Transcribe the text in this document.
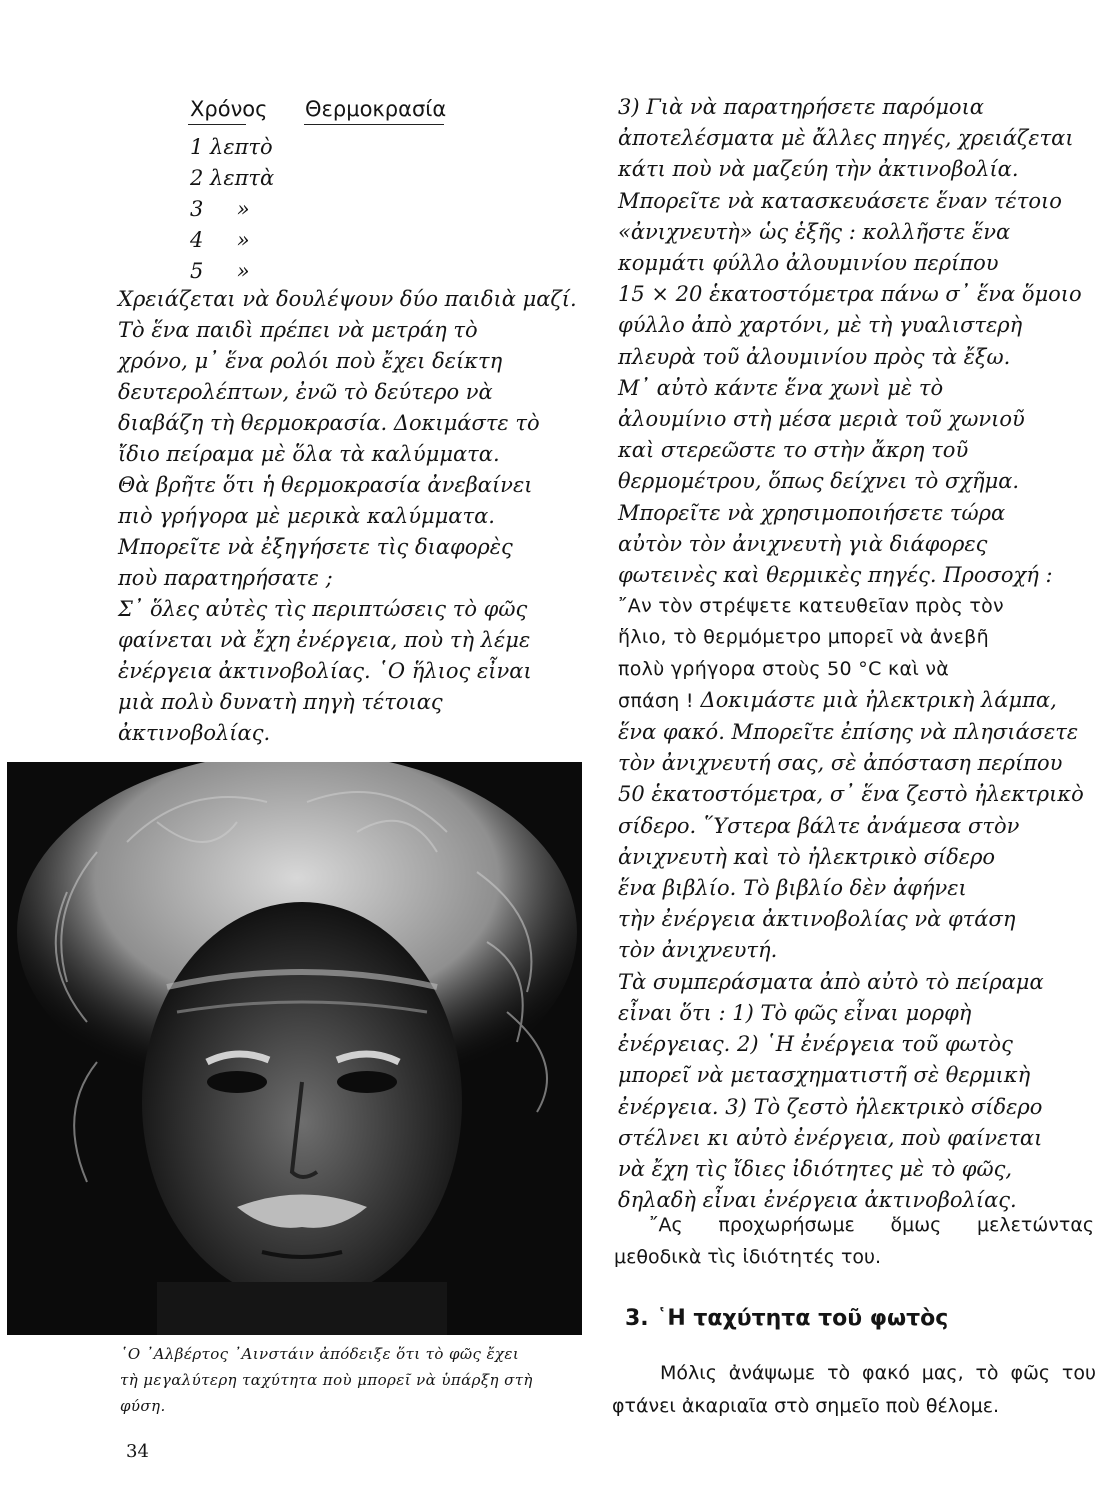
Χρόνος Θερμοκρασία
1 λεπτὸ
2 λεπτὰ
3     »
4     »
5     »

Χρειάζεται νὰ δουλέψουν δύο παιδιὰ μαζί.

Τὸ ἕνα παιδὶ πρέπει νὰ μετράη τὸ

χρόνο, μ᾽ ἕνα ρολόι ποὺ ἔχει δείκτη

δευτερολέπτων, ἐνῶ τὸ δεύτερο νὰ

διαβάζη τὴ θερμοκρασία. Δοκιμάστε τὸ

ἴδιο πείραμα μὲ ὅλα τὰ καλύμματα.

Θὰ βρῆτε ὅτι ἡ θερμοκρασία ἀνεβαίνει

πιὸ γρήγορα μὲ μερικὰ καλύμματα.

Μπορεῖτε νὰ ἐξηγήσετε τὶς διαφορὲς

ποὺ παρατηρήσατε ;

Σ᾽ ὅλες αὐτὲς τὶς περιπτώσεις τὸ φῶς

φαίνεται νὰ ἔχη ἐνέργεια, ποὺ τὴ λέμε

ἐνέργεια ἀκτινοβολίας. ῾Ο ἥλιος εἶναι

μιὰ πολὺ δυνατὴ πηγὴ τέτοιας

ἀκτινοβολίας.

῾Ο ᾽Αλβέρτος ᾽Αινστάιν ἀπόδειξε ὅτι τὸ φῶς ἔχει
τὴ μεγαλύτερη ταχύτητα ποὺ μπορεῖ νὰ ὑπάρξη στὴ
φύση.
34

3) Γιὰ νὰ παρατηρήσετε παρόμοια

ἀποτελέσματα μὲ ἄλλες πηγές, χρειάζεται

κάτι ποὺ νὰ μαζεύη τὴν ἀκτινοβολία.

Μπορεῖτε νὰ κατασκευάσετε ἕναν τέτοιο

«ἀνιχνευτὴ» ὡς ἑξῆς : κολλῆστε ἕνα

κομμάτι φύλλο ἀλουμινίου περίπου

15 × 20 ἑκατοστόμετρα πάνω σ᾽ ἕνα ὅμοιο

φύλλο ἀπὸ χαρτόνι, μὲ τὴ γυαλιστερὴ

πλευρὰ τοῦ ἀλουμινίου πρὸς τὰ ἔξω.

Μ᾽ αὐτὸ κάντε ἕνα χωνὶ μὲ τὸ

ἀλουμίνιο στὴ μέσα μεριὰ τοῦ χωνιοῦ

καὶ στερεῶστε το στὴν ἄκρη τοῦ

θερμομέτρου, ὅπως δείχνει τὸ σχῆμα.

Μπορεῖτε νὰ χρησιμοποιήσετε τώρα

αὐτὸν τὸν ἀνιχνευτὴ γιὰ διάφορες

φωτεινὲς καὶ θερμικὲς πηγές. Προσοχή :

῎Αν τὸν στρέψετε κατευθεῖαν πρὸς τὸν

ἥλιο, τὸ θερμόμετρο μπορεῖ νὰ ἀνεβῆ

πολὺ γρήγορα στοὺς 50 °C καὶ νὰ

σπάση ! Δοκιμάστε μιὰ ἠλεκτρικὴ λάμπα,

ἕνα φακό. Μπορεῖτε ἐπίσης νὰ πλησιάσετε

τὸν ἀνιχνευτή σας, σὲ ἀπόσταση περίπου

50 ἑκατοστόμετρα, σ᾽ ἕνα ζεστὸ ἠλεκτρικὸ

σίδερο. ῞Υστερα βάλτε ἀνάμεσα στὸν

ἀνιχνευτὴ καὶ τὸ ἠλεκτρικὸ σίδερο

ἕνα βιβλίο. Τὸ βιβλίο δὲν ἀφήνει

τὴν ἐνέργεια ἀκτινοβολίας νὰ φτάση

τὸν ἀνιχνευτή.

Τὰ συμπεράσματα ἀπὸ αὐτὸ τὸ πείραμα

εἶναι ὅτι : 1) Τὸ φῶς εἶναι μορφὴ

ἐνέργειας. 2) ῾Η ἐνέργεια τοῦ φωτὸς

μπορεῖ νὰ μετασχηματιστῆ σὲ θερμικὴ

ἐνέργεια. 3) Τὸ ζεστὸ ἠλεκτρικὸ σίδερο

στέλνει κι αὐτὸ ἐνέργεια, ποὺ φαίνεται

νὰ ἔχη τὶς ἴδιες ἰδιότητες μὲ τὸ φῶς,

δηλαδὴ εἶναι ἐνέργεια ἀκτινοβολίας.

῎Ας προχωρήσωμε ὅμως μελετώντας μεθοδικὰ τὶς ἰδιότητές του.

3. ῾Η ταχύτητα τοῦ φωτὸς

Μόλις ἀνάψωμε τὸ φακό μας, τὸ φῶς του φτάνει ἀκαριαῖα στὸ σημεῖο ποὺ θέλομε.
